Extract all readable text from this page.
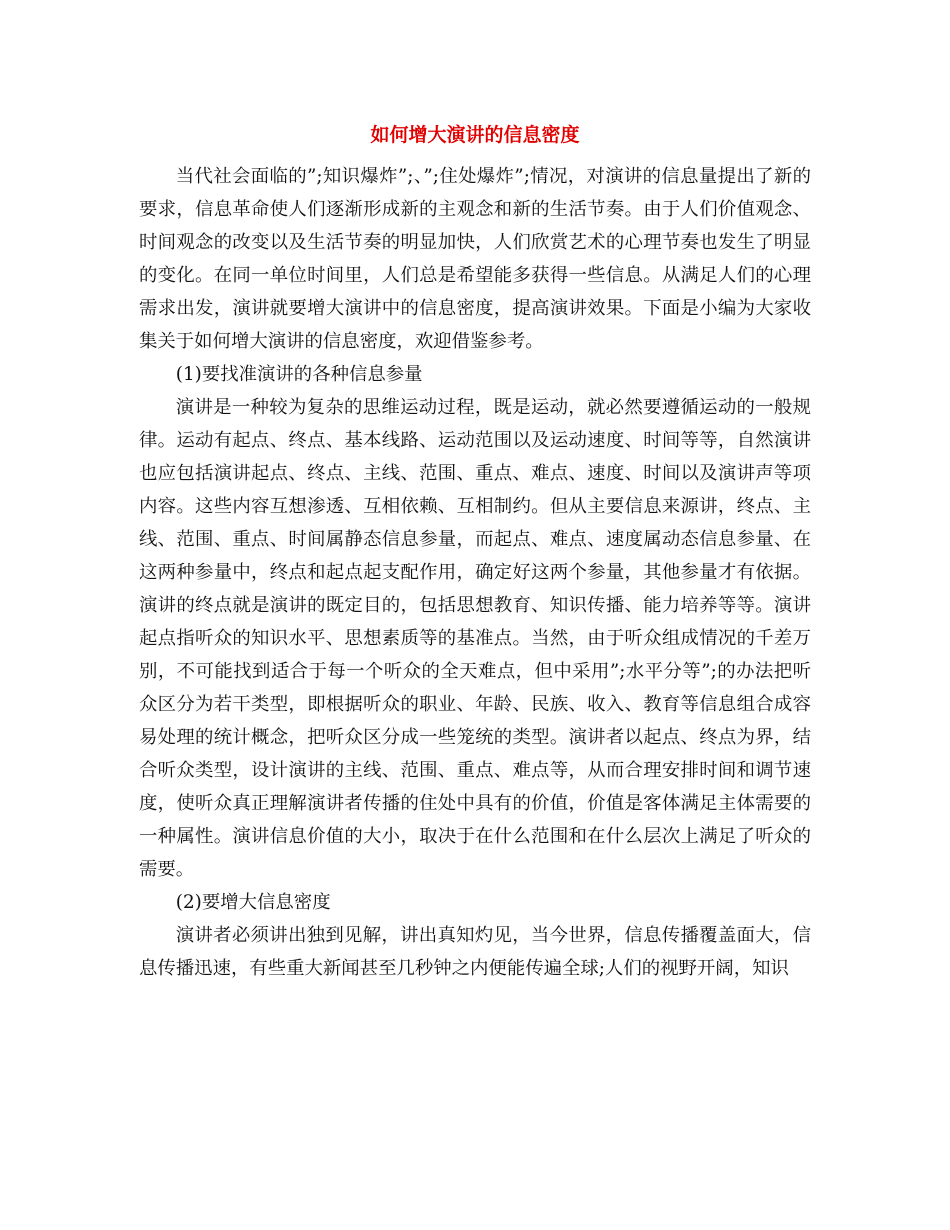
如何增大演讲的信息密度

当代社会面临的”;知识爆炸”;、”;住处爆炸”;情况，对演讲的信息量提出了新的要求，信息革命使人们逐渐形成新的主观念和新的生活节奏。由于人们价值观念、时间观念的改变以及生活节奏的明显加快，人们欣赏艺术的心理节奏也发生了明显的变化。在同一单位时间里，人们总是希望能多获得一些信息。从满足人们的心理需求出发，演讲就要增大演讲中的信息密度，提高演讲效果。下面是小编为大家收集关于如何增大演讲的信息密度，欢迎借鉴参考。

(1)要找准演讲的各种信息参量

演讲是一种较为复杂的思维运动过程，既是运动，就必然要遵循运动的一般规律。运动有起点、终点、基本线路、运动范围以及运动速度、时间等等，自然演讲也应包括演讲起点、终点、主线、范围、重点、难点、速度、时间以及演讲声等项内容。这些内容互想渗透、互相依赖、互相制约。但从主要信息来源讲，终点、主线、范围、重点、时间属静态信息参量，而起点、难点、速度属动态信息参量、在这两种参量中，终点和起点起支配作用，确定好这两个参量，其他参量才有依据。演讲的终点就是演讲的既定目的，包括思想教育、知识传播、能力培养等等。演讲起点指听众的知识水平、思想素质等的基准点。当然，由于听众组成情况的千差万别，不可能找到适合于每一个听众的全天难点，但中采用”;水平分等”;的办法把听众区分为若干类型，即根据听众的职业、年龄、民族、收入、教育等信息组合成容易处理的统计概念，把听众区分成一些笼统的类型。演讲者以起点、终点为界，结合听众类型，设计演讲的主线、范围、重点、难点等，从而合理安排时间和调节速度，使听众真正理解演讲者传播的住处中具有的价值，价值是客体满足主体需要的一种属性。演讲信息价值的大小，取决于在什么范围和在什么层次上满足了听众的需要。

(2)要增大信息密度

演讲者必须讲出独到见解，讲出真知灼见，当今世界，信息传播覆盖面大，信息传播迅速，有些重大新闻甚至几秒钟之内便能传遍全球;人们的视野开阔，知识
